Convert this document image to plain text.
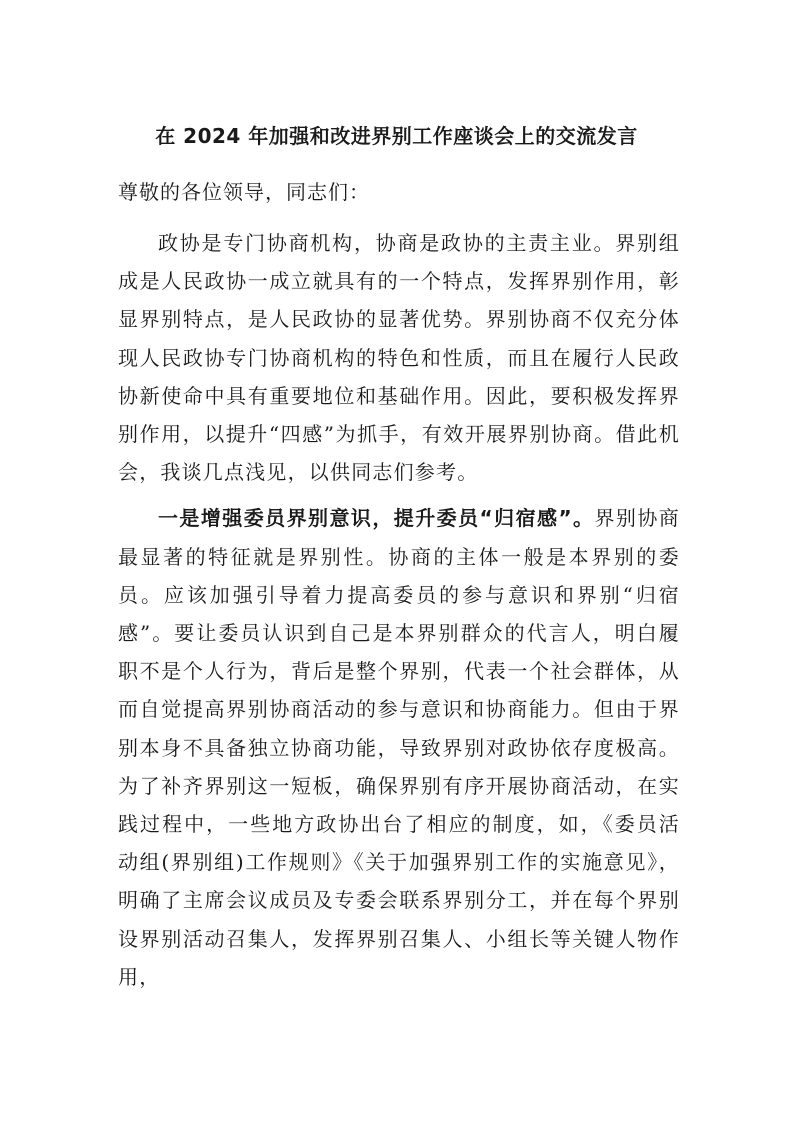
在 2024 年加强和改进界别工作座谈会上的交流发言
尊敬的各位领导，同志们：

政协是专门协商机构，协商是政协的主责主业。界别组成是人民政协一成立就具有的一个特点，发挥界别作用，彰显界别特点，是人民政协的显著优势。界别协商不仅充分体现人民政协专门协商机构的特色和性质，而且在履行人民政协新使命中具有重要地位和基础作用。因此，要积极发挥界别作用，以提升“四感”为抓手，有效开展界别协商。借此机会，我谈几点浅见，以供同志们参考。

一是增强委员界别意识，提升委员“归宿感”。界别协商最显著的特征就是界别性。协商的主体一般是本界别的委员。应该加强引导着力提高委员的参与意识和界别“归宿感”。要让委员认识到自己是本界别群众的代言人，明白履职不是个人行为，背后是整个界别，代表一个社会群体，从而自觉提高界别协商活动的参与意识和协商能力。但由于界别本身不具备独立协商功能，导致界别对政协依存度极高。为了补齐界别这一短板，确保界别有序开展协商活动，在实践过程中，一些地方政协出台了相应的制度，如，《委员活动组(界别组)工作规则》《关于加强界别工作的实施意见》，明确了主席会议成员及专委会联系界别分工，并在每个界别设界别活动召集人，发挥界别召集人、小组长等关键人物作用，
